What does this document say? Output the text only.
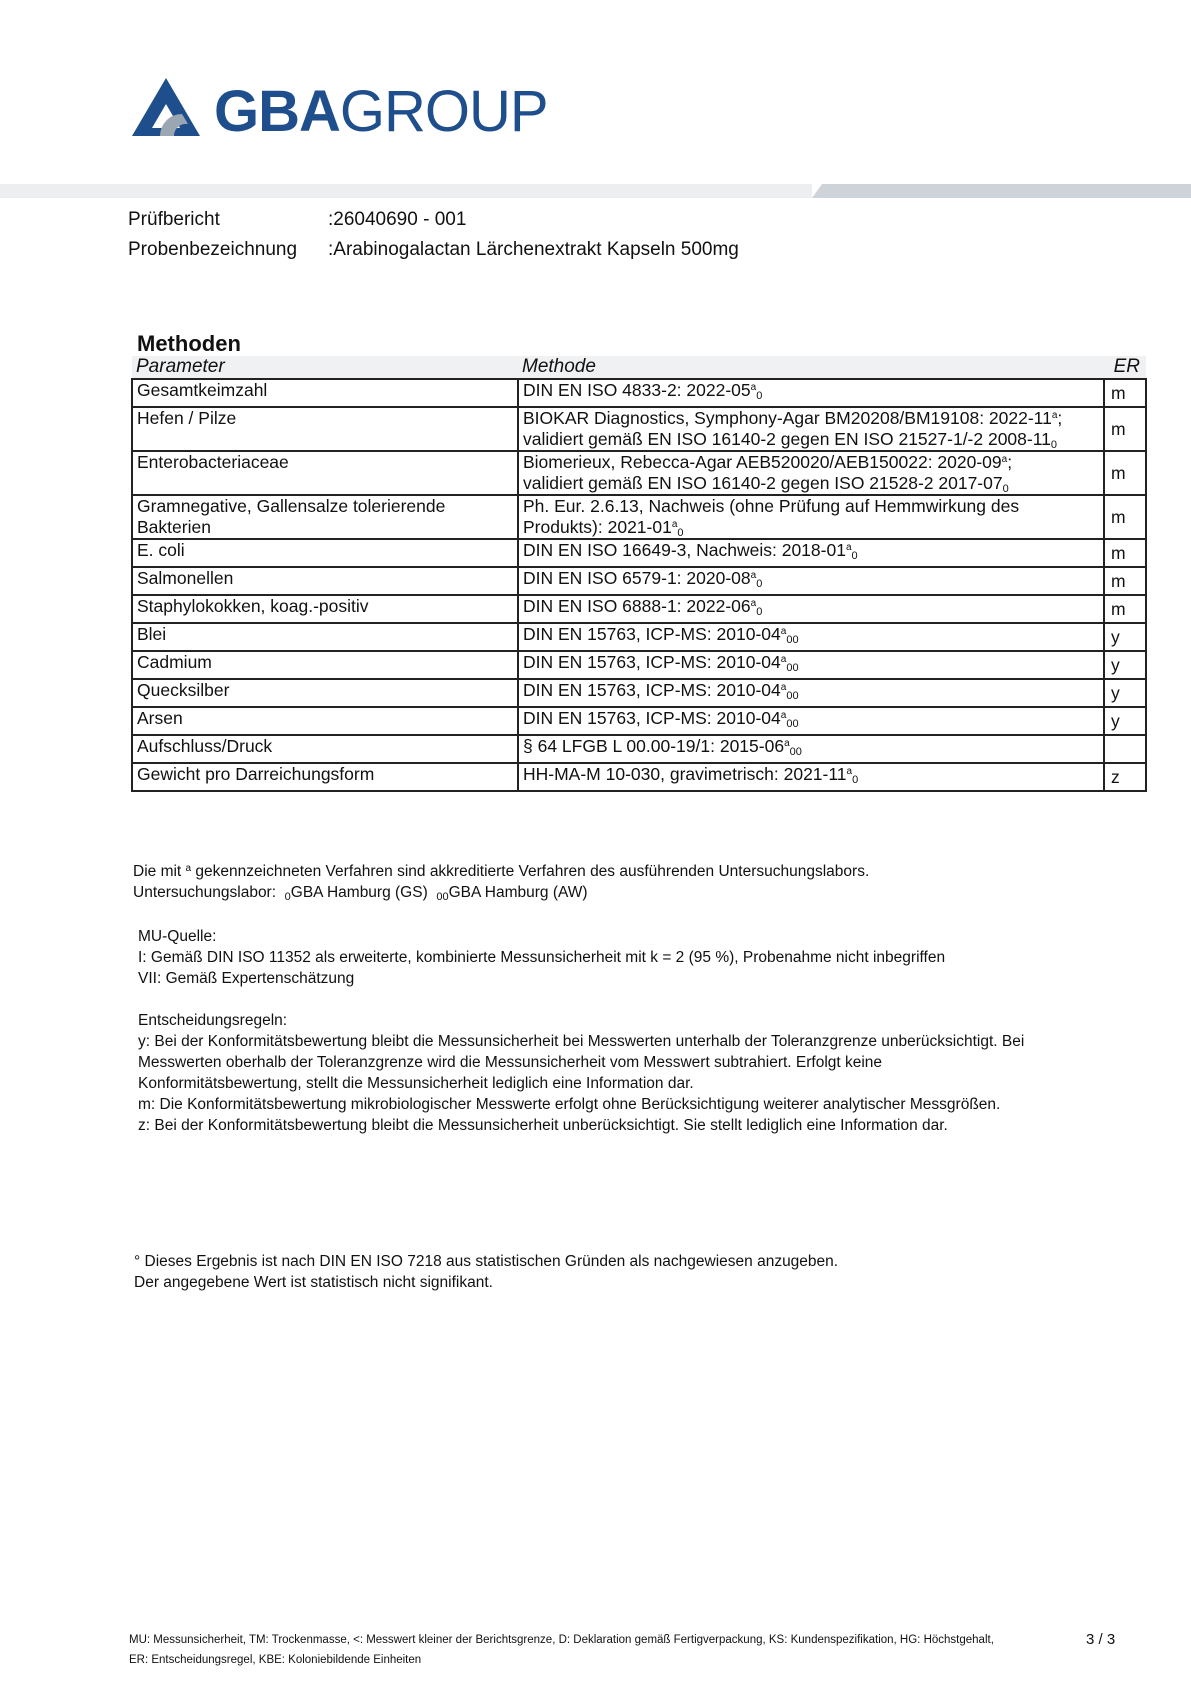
GBAGROUP
Prüfbericht	:26040690 - 001
Probenbezeichnung :Arabinogalactan Lärchenextrakt Kapseln 500mg
Methoden
Parameter	Methode	ER
Gesamtkeimzahl	DIN EN ISO 4833-2: $2022-05^a_0$	m
Hefen / Pilze	BIOKAR Diagnostics, Symphony-Agar BM20208/BM19108: 2022-11$^a$;
validiert gemäß EN ISO 16140-2 gegen EN ISO 21527-1/-2 $2008-11_0$	m
Enterobacteriaceae	Biomerieux, Rebecca-Agar AEB520020/AEB150022: 2020-09$^a$;
validiert gemäß EN ISO 16140-2 gegen ISO 21528-2 $2017-07_0$	m
Gramnegative, Gallensalze tolerierende
Bakterien	Ph. Eur. 2.6.13, Nachweis (ohne Prüfung auf Hemmwirkung des
Produkts): $2021-01^a_0$	m
E. coli	DIN EN ISO 16649-3, Nachweis: $2018-01^a_0$	m
Salmonellen	DIN EN ISO 6579-1: $2020-08^a_0$	m
Staphylokokken, koag.-positiv	DIN EN ISO 6888-1: $2022-06^a_0$	m
Blei	DIN EN 15763, ICP-MS: $2010-04^a_{00}$	y
Cadmium	DIN EN 15763, ICP-MS: $2010-04^a_{00}$	y
Quecksilber	DIN EN 15763, ICP-MS: $2010-04^a_{00}$	y
Arsen	DIN EN 15763, ICP-MS: $2010-04^a_{00}$	y
Aufschluss/Druck	§ 64 LFGB L 00.00-19/1: $2015-06^a_{00}$	
Gewicht pro Darreichungsform	HH-MA-M 10-030, gravimetrisch: $2021-11^a_0$	z
Die mit $^a$ gekennzeichneten Verfahren sind akkreditierte Verfahren des ausführenden Untersuchungslabors.
Untersuchungslabor: $_0$GBA Hamburg (GS) $_{00}$GBA Hamburg (AW)
MU-Quelle:
I: Gemäß DIN ISO 11352 als erweiterte, kombinierte Messunsicherheit mit k = 2 (95 %), Probenahme nicht inbegriffen
VII: Gemäß Expertenschätzung
Entscheidungsregeln:
y: Bei der Konformitätsbewertung bleibt die Messunsicherheit bei Messwerten unterhalb der Toleranzgrenze unberücksichtigt. Bei
Messwerten oberhalb der Toleranzgrenze wird die Messunsicherheit vom Messwert subtrahiert. Erfolgt keine
Konformitätsbewertung, stellt die Messunsicherheit lediglich eine Information dar.
m: Die Konformitätsbewertung mikrobiologischer Messwerte erfolgt ohne Berücksichtigung weiterer analytischer Messgrößen.
z: Bei der Konformitätsbewertung bleibt die Messunsicherheit unberücksichtigt. Sie stellt lediglich eine Information dar.
° Dieses Ergebnis ist nach DIN EN ISO 7218 aus statistischen Gründen als nachgewiesen anzugeben.
Der angegebene Wert ist statistisch nicht signifikant.
MU: Messunsicherheit, TM: Trockenmasse, <: Messwert kleiner der Berichtsgrenze, D: Deklaration gemäß Fertigverpackung, KS: Kundenspezifikation, HG: Höchstgehalt,
ER: Entscheidungsregel, KBE: Koloniebildende Einheiten
3 / 3
